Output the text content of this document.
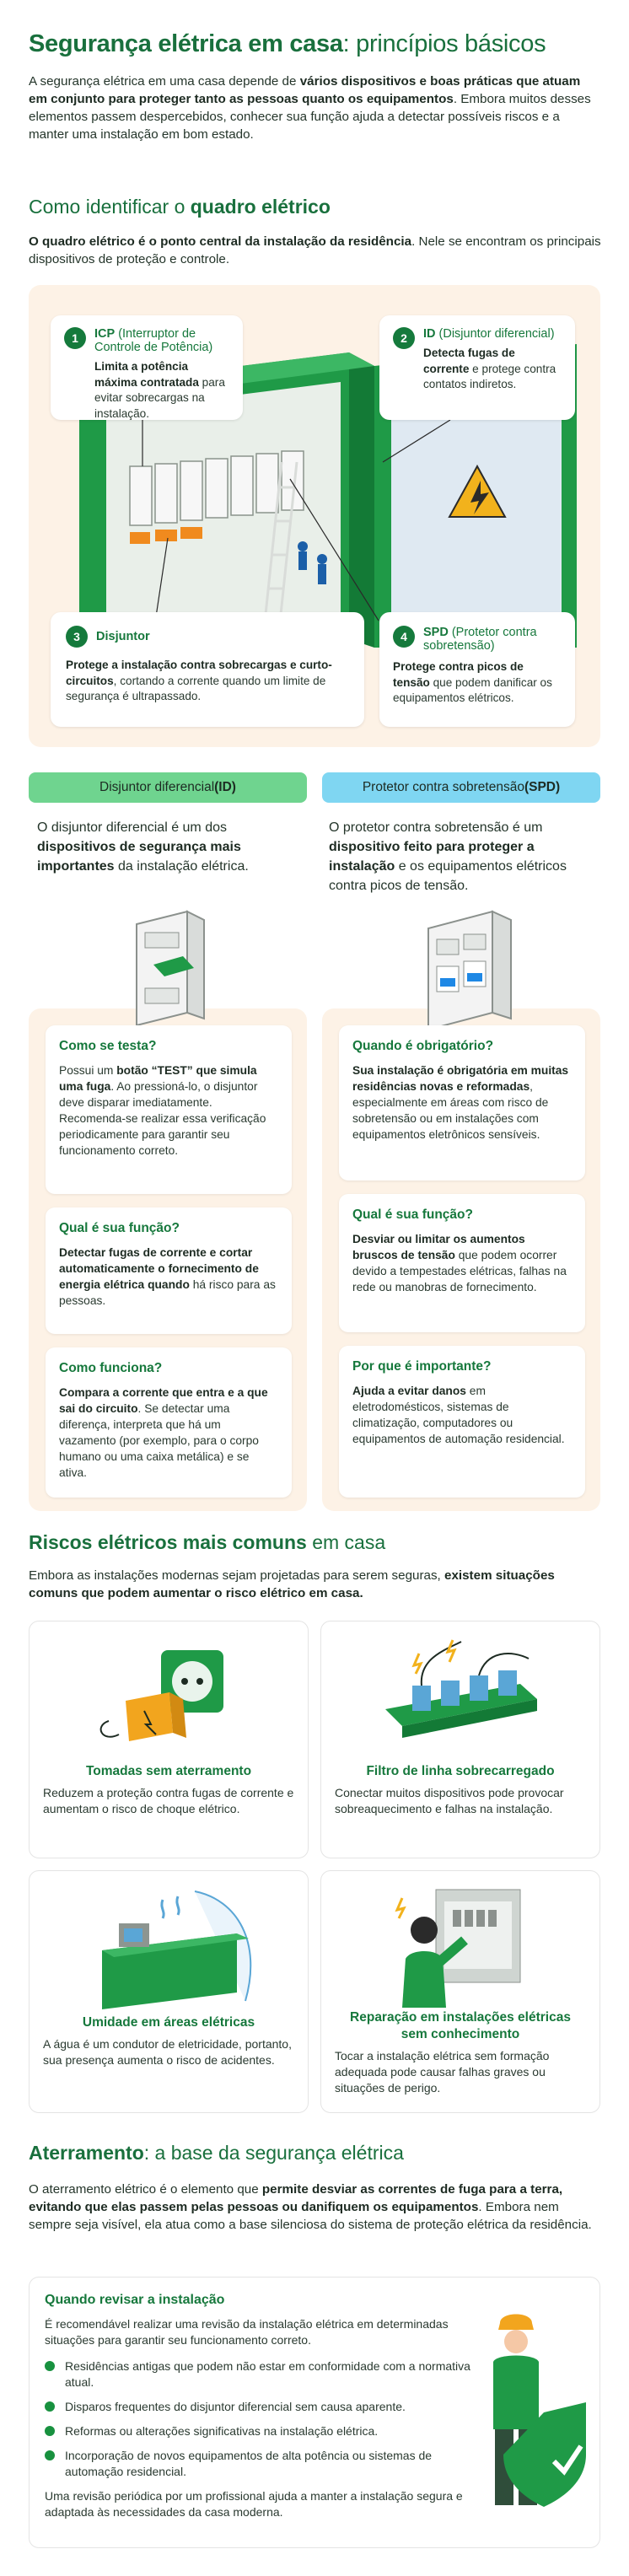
Segurança elétrica em casa: princípios básicos
A segurança elétrica em uma casa depende de vários dispositivos e boas práticas que atuam em conjunto para proteger tanto as pessoas quanto os equipamentos. Embora muitos desses elementos passem despercebidos, conhecer sua função ajuda a detectar possíveis riscos e a manter uma instalação em bom estado.
Como identificar o quadro elétrico
O quadro elétrico é o ponto central da instalação da residência. Nele se encontram os principais dispositivos de proteção e controle.
1	ICP (Interruptor de Controle de Potência)
Limita a potência máxima contratada para evitar sobrecargas na instalação.
2	ID (Disjuntor diferencial)
Detecta fugas de corrente e protege contra contatos indiretos.
3	Disjuntor
Protege a instalação contra sobrecargas e curto-circuitos, cortando a corrente quando um limite de segurança é ultrapassado.
4	SPD (Protetor contra sobretensão)
Protege contra picos de tensão que podem danificar os equipamentos elétricos.
Disjuntor diferencial (ID)	Protetor contra sobretensão (SPD)
O disjuntor diferencial é um dos dispositivos de segurança mais importantes da instalação elétrica.
O protetor contra sobretensão é um dispositivo feito para proteger a instalação e os equipamentos elétricos contra picos de tensão.
Como se testa?
Possui um botão “TEST” que simula uma fuga. Ao pressioná-lo, o disjuntor deve disparar imediatamente. Recomenda-se realizar essa verificação periodicamente para garantir seu funcionamento correto.
Qual é sua função?
Detectar fugas de corrente e cortar automaticamente o fornecimento de energia elétrica quando há risco para as pessoas.
Como funciona?
Compara a corrente que entra e a que sai do circuito. Se detectar uma diferença, interpreta que há um vazamento (por exemplo, para o corpo humano ou uma caixa metálica) e se ativa.
Quando é obrigatório?
Sua instalação é obrigatória em muitas residências novas e reformadas, especialmente em áreas com risco de sobretensão ou em instalações com equipamentos eletrônicos sensíveis.
Qual é sua função?
Desviar ou limitar os aumentos bruscos de tensão que podem ocorrer devido a tempestades elétricas, falhas na rede ou manobras de fornecimento.
Por que é importante?
Ajuda a evitar danos em eletrodomésticos, sistemas de climatização, computadores ou equipamentos de automação residencial.
Riscos elétricos mais comuns em casa
Embora as instalações modernas sejam projetadas para serem seguras, existem situações comuns que podem aumentar o risco elétrico em casa.
Tomadas sem aterramento
Reduzem a proteção contra fugas de corrente e aumentam o risco de choque elétrico.
Filtro de linha sobrecarregado
Conectar muitos dispositivos pode provocar sobreaquecimento e falhas na instalação.
Umidade em áreas elétricas
A água é um condutor de eletricidade, portanto, sua presença aumenta o risco de acidentes.
Reparação em instalações elétricas sem conhecimento
Tocar a instalação elétrica sem formação adequada pode causar falhas graves ou situações de perigo.
Aterramento: a base da segurança elétrica
O aterramento elétrico é o elemento que permite desviar as correntes de fuga para a terra, evitando que elas passem pelas pessoas ou danifiquem os equipamentos. Embora nem sempre seja visível, ela atua como a base silenciosa do sistema de proteção elétrica da residência.
Quando revisar a instalação
É recomendável realizar uma revisão da instalação elétrica em determinadas situações para garantir seu funcionamento correto.
Residências antigas que podem não estar em conformidade com a normativa atual.
Disparos frequentes do disjuntor diferencial sem causa aparente.
Reformas ou alterações significativas na instalação elétrica.
Incorporação de novos equipamentos de alta potência ou sistemas de automação residencial.
Uma revisão periódica por um profissional ajuda a manter a instalação segura e adaptada às necessidades da casa moderna.
